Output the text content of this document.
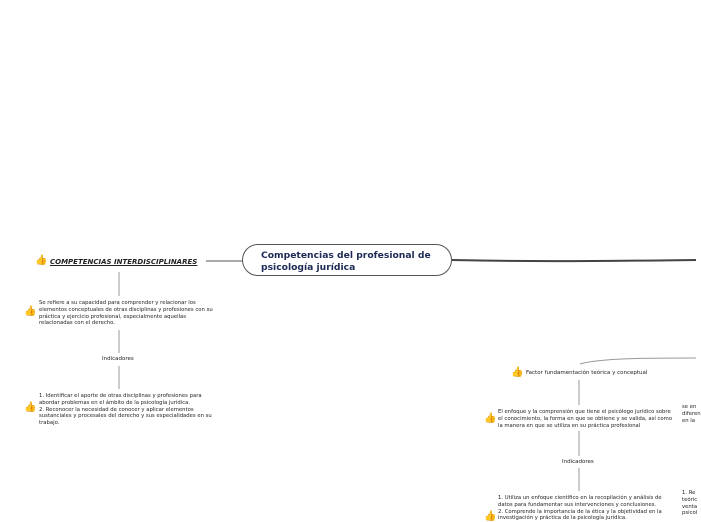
Competencias del profesional de psicología jurídica
👍 COMPETENCIAS INTERDISCIPLINARES
👍
Se refiere a su capacidad para comprender y relacionar los elementos conceptuales de otras disciplinas y profesiones con su práctica y ejercicio profesional, especialmente aquellas relacionadas con el derecho.
Indicadores
👍
1. Identificar el aporte de otras disciplinas y profesiones para abordar problemas en el ámbito de la psicología jurídica.
2. Reconocer la necesidad de conocer y aplicar elementos sustanciales y procesales del derecho y sus especialidades en su trabajo.
👍 Factor fundamentación teórica y conceptual
👍
El enfoque y la comprensión que tiene el psicólogo jurídico sobre el conocimiento, la forma en que se obtiene y se valida, así como la manera en que se utiliza en su práctica profesional
Indicadores
👍
1. Utiliza un enfoque científico en la recopilación y análisis de datos para fundamentar sus intervenciones y conclusiones.
2. Comprende la importancia de la ética y la objetividad en la investigación y práctica de la psicología jurídica.
se en
diferen
en la
1. Re
teóric
venta
psicol
